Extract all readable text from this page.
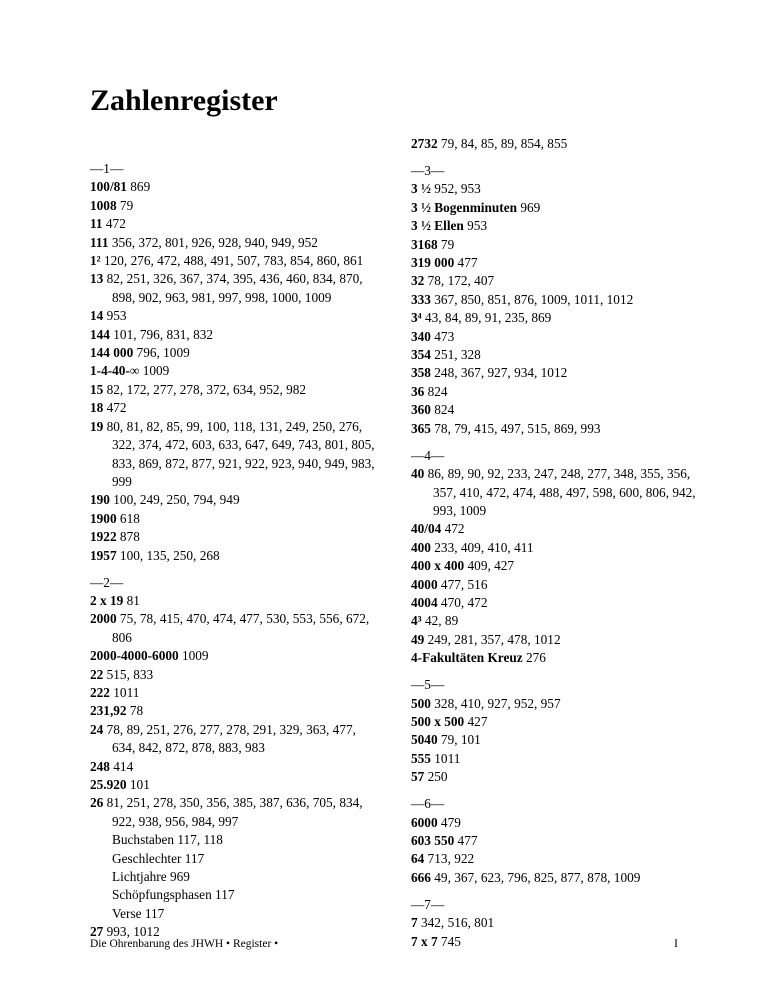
Zahlenregister
—1—
100/81 869
1008 79
11 472
111 356, 372, 801, 926, 928, 940, 949, 952
1² 120, 276, 472, 488, 491, 507, 783, 854, 860, 861
13 82, 251, 326, 367, 374, 395, 436, 460, 834, 870, 898, 902, 963, 981, 997, 998, 1000, 1009
14 953
144 101, 796, 831, 832
144 000 796, 1009
1-4-40-∞ 1009
15 82, 172, 277, 278, 372, 634, 952, 982
18 472
19 80, 81, 82, 85, 99, 100, 118, 131, 249, 250, 276, 322, 374, 472, 603, 633, 647, 649, 743, 801, 805, 833, 869, 872, 877, 921, 922, 923, 940, 949, 983, 999
190 100, 249, 250, 794, 949
1900 618
1922 878
1957 100, 135, 250, 268
—2—
2 x 19 81
2000 75, 78, 415, 470, 474, 477, 530, 553, 556, 672, 806
2000-4000-6000 1009
22 515, 833
222 1011
231,92 78
24 78, 89, 251, 276, 277, 278, 291, 329, 363, 477, 634, 842, 872, 878, 883, 983
248 414
25.920 101
26 81, 251, 278, 350, 356, 385, 387, 636, 705, 834, 922, 938, 956, 984, 997
Buchstaben 117, 118
Geschlechter 117
Lichtjahre 969
Schöpfungsphasen 117
Verse 117
27 993, 1012
2732 79, 84, 85, 89, 854, 855
—3—
3 ½ 952, 953
3 ½ Bogenminuten 969
3 ½ Ellen 953
3168 79
319 000 477
32 78, 172, 407
333 367, 850, 851, 876, 1009, 1011, 1012
3⁴ 43, 84, 89, 91, 235, 869
340 473
354 251, 328
358 248, 367, 927, 934, 1012
36 824
360 824
365 78, 79, 415, 497, 515, 869, 993
—4—
40 86, 89, 90, 92, 233, 247, 248, 277, 348, 355, 356, 357, 410, 472, 474, 488, 497, 598, 600, 806, 942, 993, 1009
40/04 472
400 233, 409, 410, 411
400 x 400 409, 427
4000 477, 516
4004 470, 472
4³ 42, 89
49 249, 281, 357, 478, 1012
4-Fakultäten Kreuz 276
—5—
500 328, 410, 927, 952, 957
500 x 500 427
5040 79, 101
555 1011
57 250
—6—
6000 479
603 550 477
64 713, 922
666 49, 367, 623, 796, 825, 877, 878, 1009
—7—
7 342, 516, 801
7 x 7 745
Die Ohrenbarung des JHWH • Register •	I
